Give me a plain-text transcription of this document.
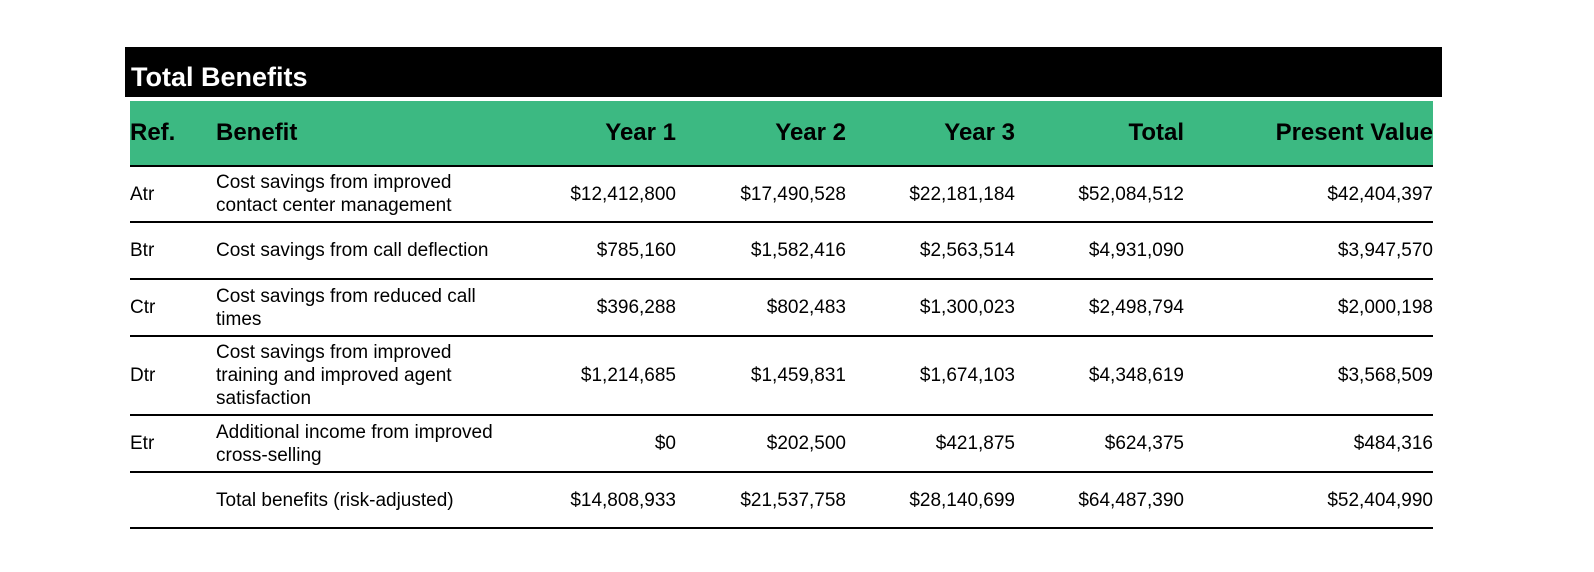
Total Benefits
Ref.	Benefit	Year 1	Year 2	Year 3	Total	Present Value
Atr	Cost savings from improved contact center management	$12,412,800	$17,490,528	$22,181,184	$52,084,512	$42,404,397
Btr	Cost savings from call deflection	$785,160	$1,582,416	$2,563,514	$4,931,090	$3,947,570
Ctr	Cost savings from reduced call times	$396,288	$802,483	$1,300,023	$2,498,794	$2,000,198
Dtr	Cost savings from improved training and improved agent satisfaction	$1,214,685	$1,459,831	$1,674,103	$4,348,619	$3,568,509
Etr	Additional income from improved cross-selling	$0	$202,500	$421,875	$624,375	$484,316
	Total benefits (risk-adjusted)	$14,808,933	$21,537,758	$28,140,699	$64,487,390	$52,404,990
